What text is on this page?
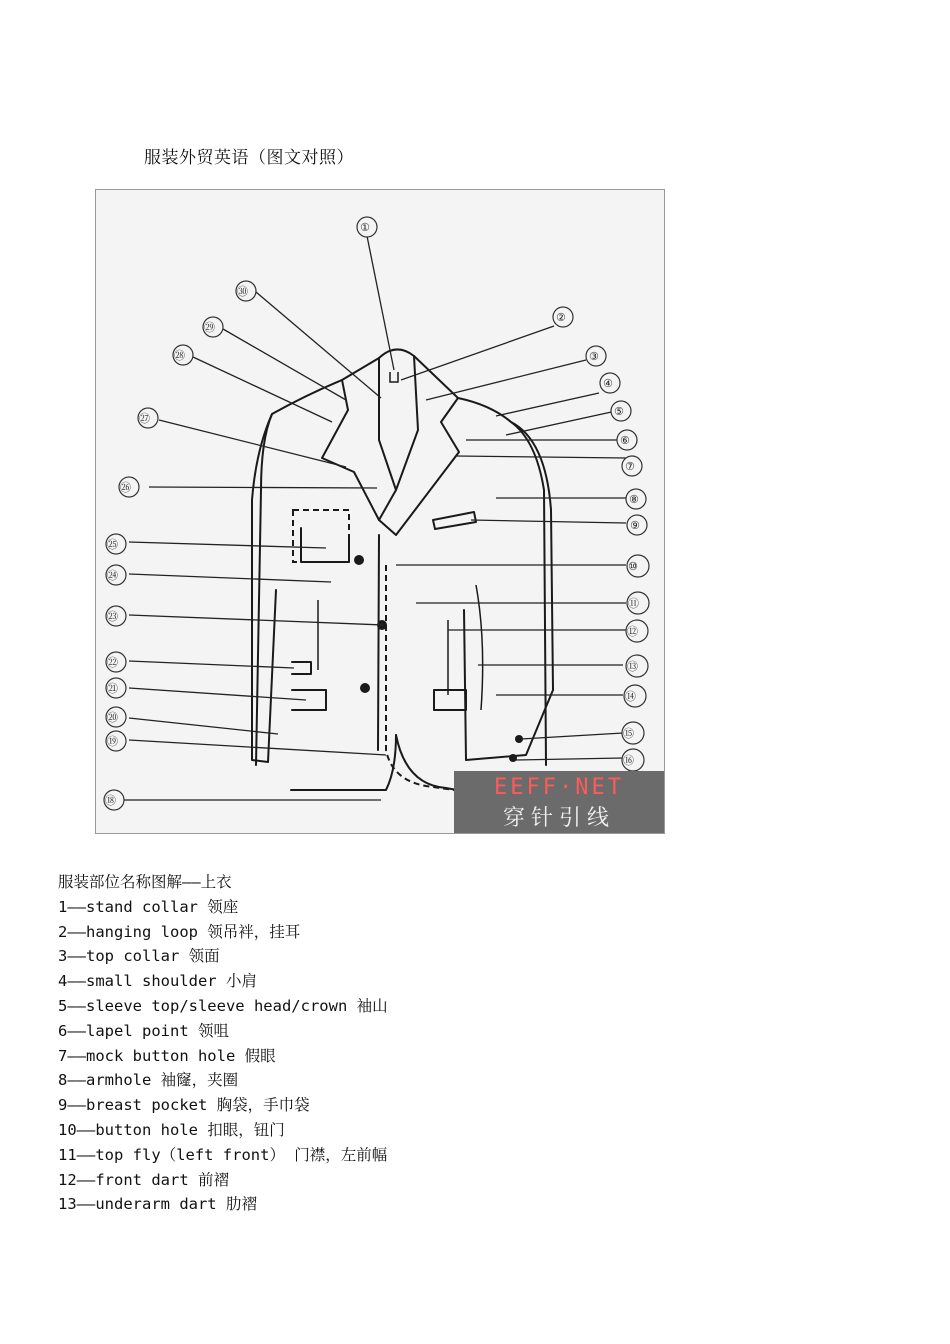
服装外贸英语（图文对照）
①
②
③
④
⑤
⑥
⑦
⑧
⑨
⑩
⑪
⑫
⑬
⑭
⑮
⑯
⑱
⑲
⑳
㉑
㉒
㉓
㉔
㉕
㉖
㉗
㉘
㉙
㉚
EEFF·NET
穿针引线
服装部位名称图解——上衣
1——stand collar 领座
2——hanging loop 领吊袢，挂耳
3——top collar 领面
4——small shoulder 小肩
5——sleeve top/sleeve head/crown 袖山
6——lapel point 领咀
7——mock button hole 假眼
8——armhole 袖窿，夹圈
9——breast pocket 胸袋，手巾袋
10——button hole 扣眼，钮门
11——top fly（left front） 门襟，左前幅
12——front dart 前褶
13——underarm dart 肋褶
